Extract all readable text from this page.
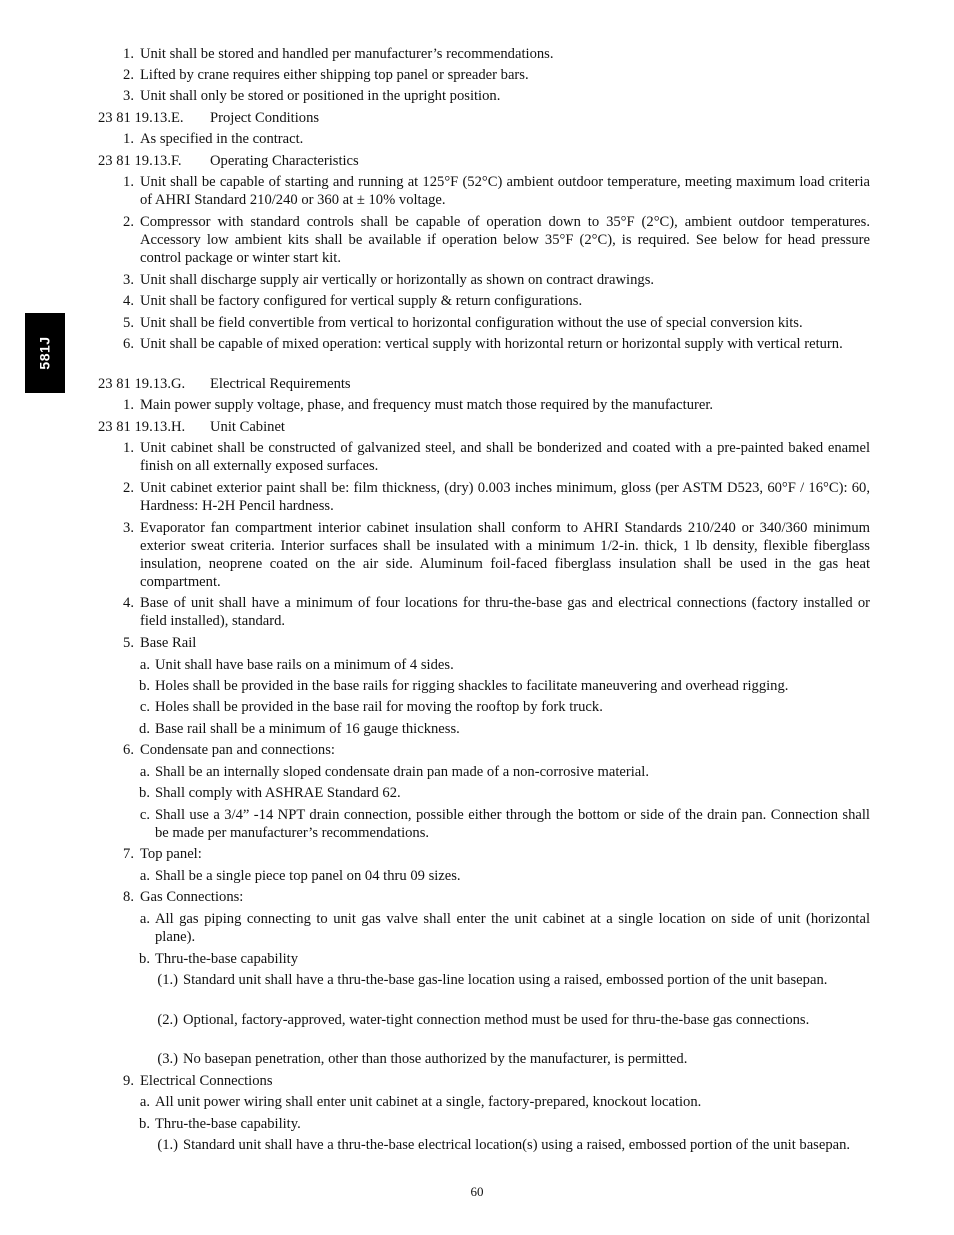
581J
1. Unit shall be stored and handled per manufacturer’s recommendations.
2. Lifted by crane requires either shipping top panel or spreader bars.
3. Unit shall only be stored or positioned in the upright position.
23 81 19.13.E. Project Conditions
1. As specified in the contract.
23 81 19.13.F. Operating Characteristics
1. Unit shall be capable of starting and running at 125°F (52°C) ambient outdoor temperature, meeting maximum load criteria of AHRI Standard 210/240 or 360 at ± 10% voltage.
2. Compressor with standard controls shall be capable of operation down to 35°F (2°C), ambient outdoor temperatures. Accessory low ambient kits shall be available if operation below 35°F (2°C), is required. See below for head pressure control package or winter start kit.
3. Unit shall discharge supply air vertically or horizontally as shown on contract drawings.
4. Unit shall be factory configured for vertical supply & return configurations.
5. Unit shall be field convertible from vertical to horizontal configuration without the use of special conversion kits.
6. Unit shall be capable of mixed operation: vertical supply with horizontal return or horizontal supply with vertical return.
23 81 19.13.G. Electrical Requirements
1. Main power supply voltage, phase, and frequency must match those required by the manufacturer.
23 81 19.13.H. Unit Cabinet
1. Unit cabinet shall be constructed of galvanized steel, and shall be bonderized and coated with a pre-painted baked enamel finish on all externally exposed surfaces.
2. Unit cabinet exterior paint shall be: film thickness, (dry) 0.003 inches minimum, gloss (per ASTM D523, 60°F / 16°C): 60, Hardness: H-2H Pencil hardness.
3. Evaporator fan compartment interior cabinet insulation shall conform to AHRI Standards 210/240 or 340/360 minimum exterior sweat criteria. Interior surfaces shall be insulated with a minimum 1/2-in. thick, 1 lb density, flexible fiberglass insulation, neoprene coated on the air side. Aluminum foil-faced fiberglass insulation shall be used in the gas heat compartment.
4. Base of unit shall have a minimum of four locations for thru-the-base gas and electrical connections (factory installed or field installed), standard.
5. Base Rail
a. Unit shall have base rails on a minimum of 4 sides.
b. Holes shall be provided in the base rails for rigging shackles to facilitate maneuvering and overhead rigging.
c. Holes shall be provided in the base rail for moving the rooftop by fork truck.
d. Base rail shall be a minimum of 16 gauge thickness.
6. Condensate pan and connections:
a. Shall be an internally sloped condensate drain pan made of a non-corrosive material.
b. Shall comply with ASHRAE Standard 62.
c. Shall use a 3/4” -14 NPT drain connection, possible either through the bottom or side of the drain pan. Connection shall be made per manufacturer’s recommendations.
7. Top panel:
a. Shall be a single piece top panel on 04 thru 09 sizes.
8. Gas Connections:
a. All gas piping connecting to unit gas valve shall enter the unit cabinet at a single location on side of unit (horizontal plane).
b. Thru-the-base capability
(1.) Standard unit shall have a thru-the-base gas-line location using a raised, embossed portion of the unit basepan.
(2.) Optional, factory-approved, water-tight connection method must be used for thru-the-base gas connections.
(3.) No basepan penetration, other than those authorized by the manufacturer, is permitted.
9. Electrical Connections
a. All unit power wiring shall enter unit cabinet at a single, factory-prepared, knockout location.
b. Thru-the-base capability.
(1.) Standard unit shall have a thru-the-base electrical location(s) using a raised, embossed portion of the unit basepan.
60
